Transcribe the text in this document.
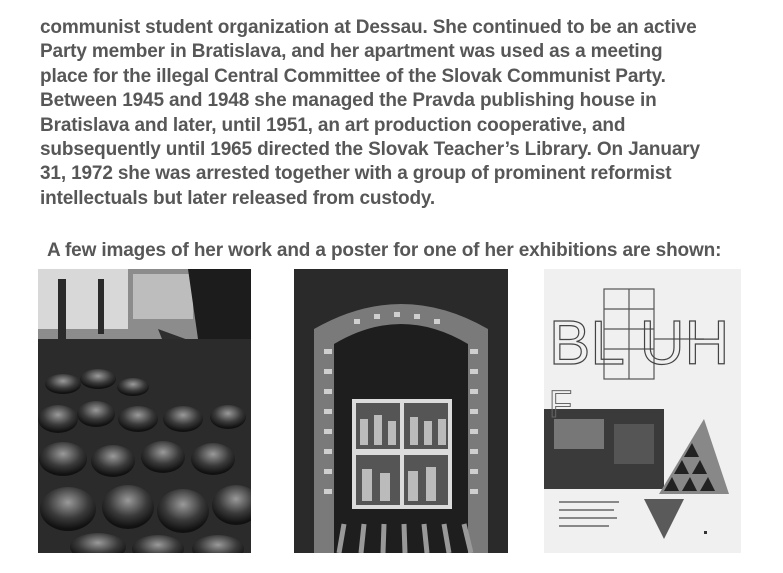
communist student organization at Dessau. She continued to be an active
Party member in Bratislava, and her apartment was used as a meeting
place for the illegal Central Committee of the Slovak Communist Party.
Between 1945 and 1948 she managed the Pravda publishing house in
Bratislava and later, until 1951, an art production cooperative, and
subsequently until 1965 directed the Slovak Teacher’s Library. On January
31, 1972 she was arrested together with a group of prominent reformist
intellectuals but later released from custody.
A few images of her work and a poster for one of her exhibitions are shown:
BL UH
F
